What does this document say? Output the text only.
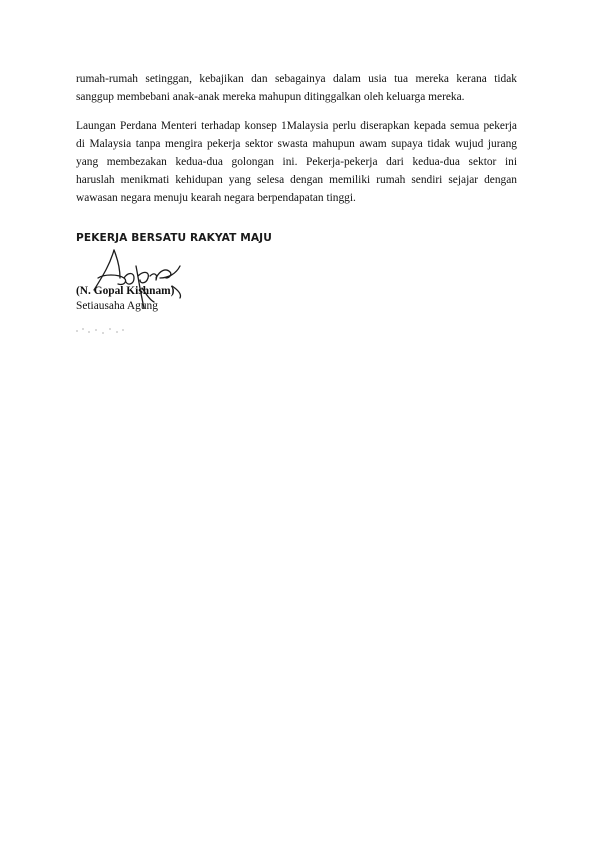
rumah-rumah setinggan, kebajikan dan sebagainya dalam usia tua mereka kerana tidak
sanggup membebani anak-anak mereka mahupun ditinggalkan oleh keluarga mereka.

Laungan Perdana Menteri terhadap konsep 1Malaysia perlu diserapkan kepada semua pekerja
di Malaysia tanpa mengira pekerja sektor swasta mahupun awam supaya tidak wujud jurang
yang membezakan kedua-dua golongan ini. Pekerja-pekerja dari kedua-dua sektor ini
haruslah menikmati kehidupan yang selesa dengan memiliki rumah sendiri sejajar dengan
wawasan negara menuju kearah negara berpendapatan tinggi.

PEKERJA BERSATU RAKYAT MAJU
(N. Gopal Kishnam)
Setiausaha Agung
